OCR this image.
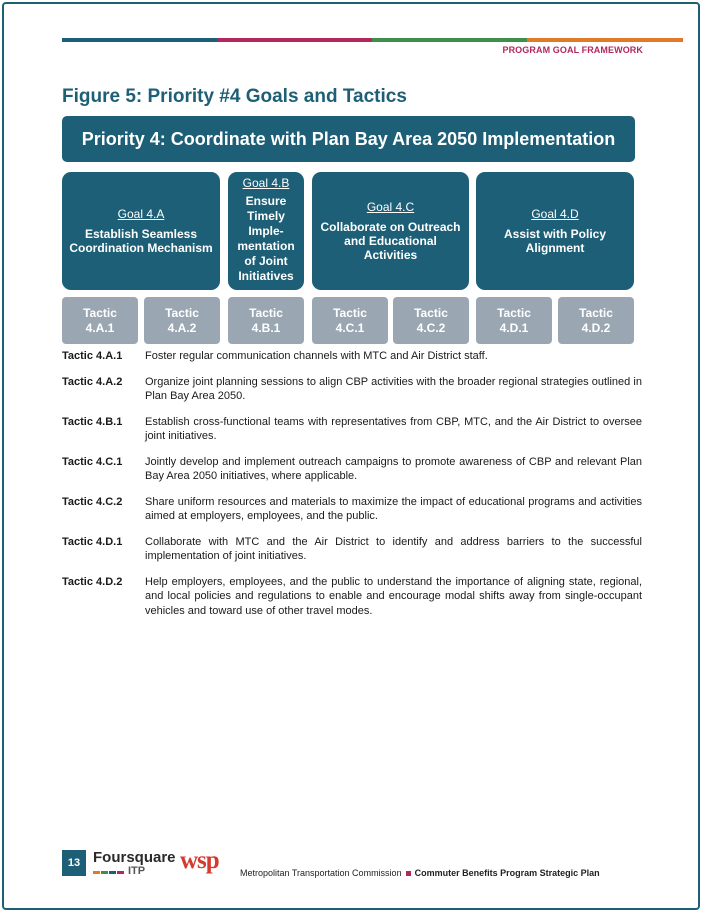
PROGRAM GOAL FRAMEWORK
Figure 5: Priority #4 Goals and Tactics
Priority 4: Coordinate with Plan Bay Area 2050 Implementation
Goal 4.A
Establish Seamless Coordination Mechanism
Goal 4.B
Ensure
Timely
Imple-
mentation
of Joint
Initiatives
Goal 4.C
Collaborate on Outreach and Educational Activities
Goal 4.D
Assist with Policy Alignment
Tactic
4.A.1
Tactic
4.A.2
Tactic
4.B.1
Tactic
4.C.1
Tactic
4.C.2
Tactic
4.D.1
Tactic
4.D.2
Tactic 4.A.1	Foster regular communication channels with MTC and Air District staff.
Tactic 4.A.2	Organize joint planning sessions to align CBP activities with the broader regional strategies outlined in Plan Bay Area 2050.
Tactic 4.B.1	Establish cross-functional teams with representatives from CBP, MTC, and the Air District to oversee joint initiatives.
Tactic 4.C.1	Jointly develop and implement outreach campaigns to promote awareness of CBP and relevant Plan Bay Area 2050 initiatives, where applicable.
Tactic 4.C.2	Share uniform resources and materials to maximize the impact of educational programs and activities aimed at employers, employees, and the public.
Tactic 4.D.1	Collaborate with MTC and the Air District to identify and address barriers to the successful implementation of joint initiatives.
Tactic 4.D.2	Help employers, employees, and the public to understand the importance of aligning state, regional, and local policies and regulations to enable and encourage modal shifts away from single-occupant vehicles and toward use of other travel modes.
13 Foursquare
ITP	wsp Metropolitan Transportation Commission Commuter Benefits Program Strategic Plan
